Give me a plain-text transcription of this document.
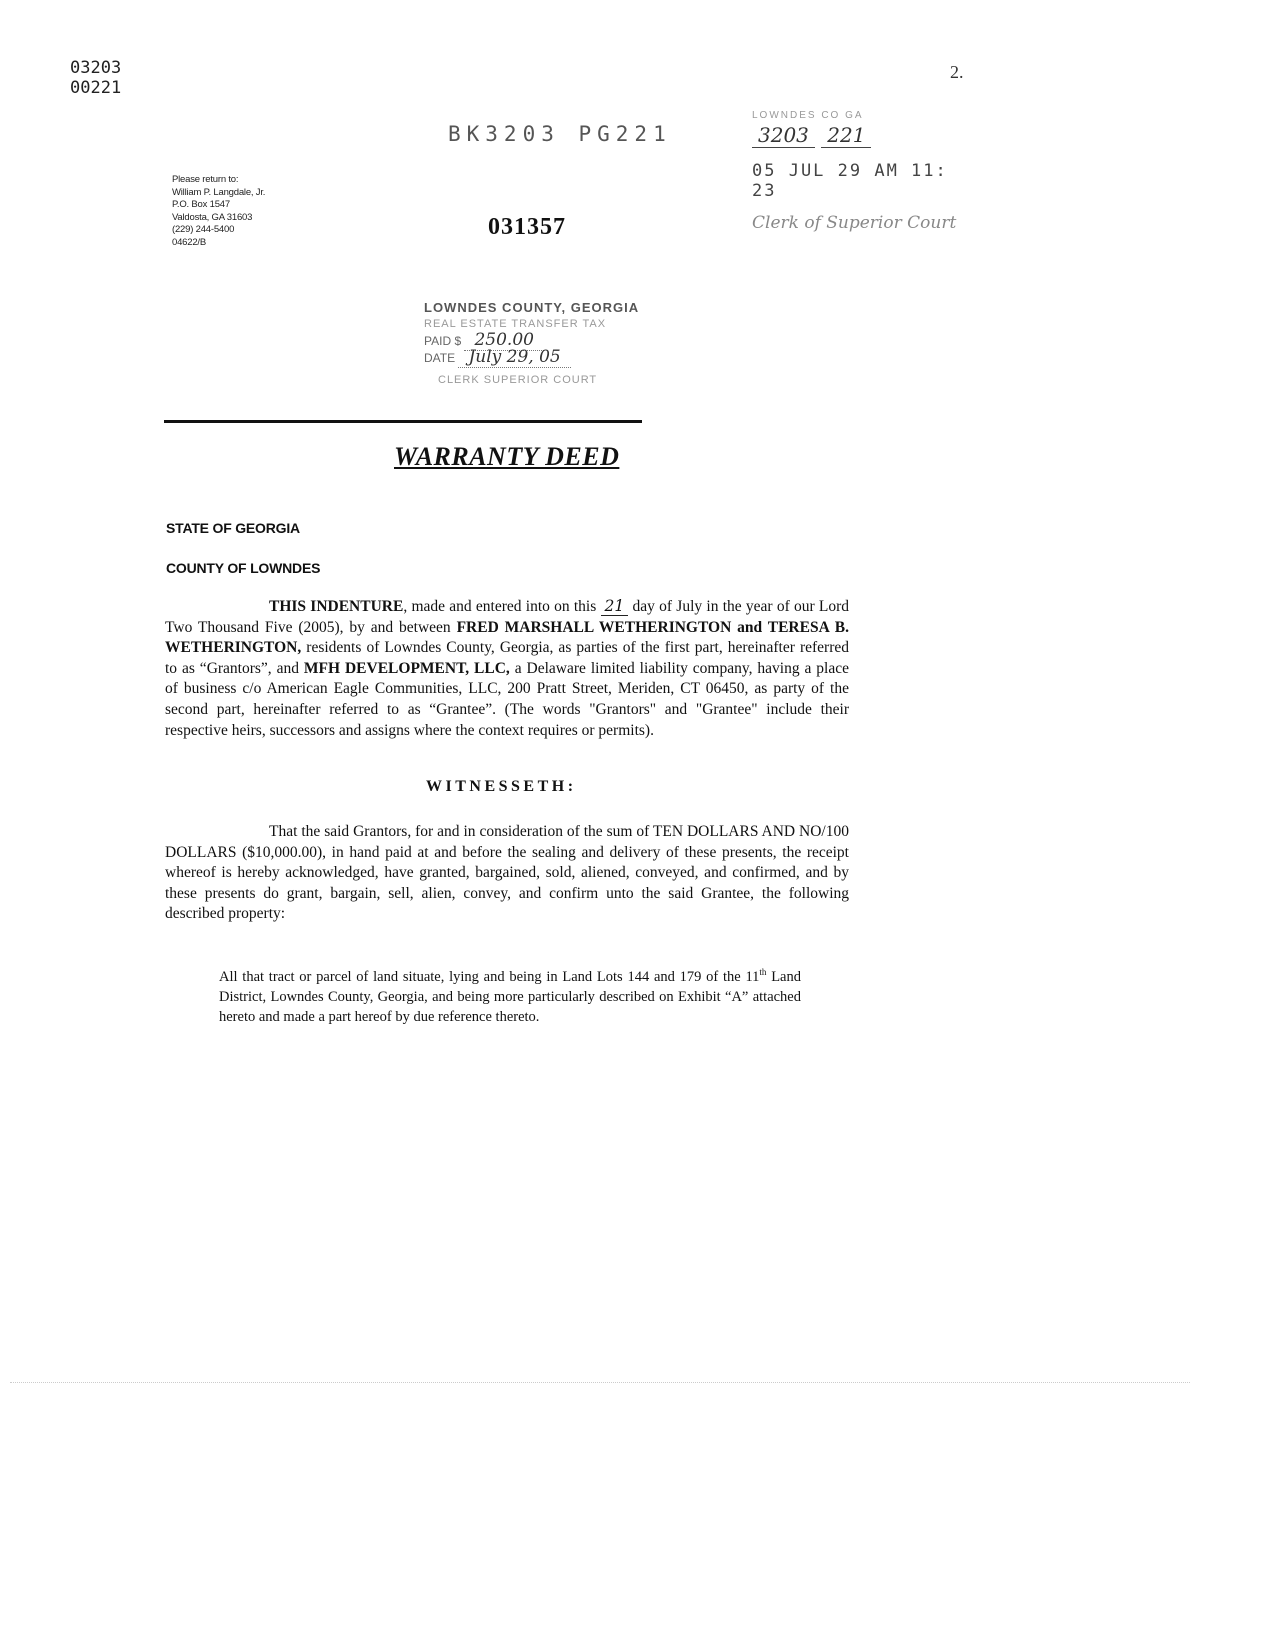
03203
00221
2.
Please return to:
William P. Langdale, Jr.
P.O. Box 1547
Valdosta, GA 31603
(229) 244-5400
04622/B
BK3203 PG221
031357
LOWNDES CO GA
3203 221
05 JUL 29 AM 11: 23
Clerk of Superior Court
LOWNDES COUNTY, GEORGIA
REAL ESTATE TRANSFER TAX
PAID $ 250.00
DATE July 29, 05
CLERK SUPERIOR COURT
WARRANTY DEED
STATE OF GEORGIA
COUNTY OF LOWNDES
THIS INDENTURE, made and entered into on this 21 day of July in the year of our Lord Two Thousand Five (2005), by and between FRED MARSHALL WETHERINGTON and TERESA B. WETHERINGTON, residents of Lowndes County, Georgia, as parties of the first part, hereinafter referred to as “Grantors”, and MFH DEVELOPMENT, LLC, a Delaware limited liability company, having a place of business c/o American Eagle Communities, LLC, 200 Pratt Street, Meriden, CT 06450, as party of the second part, hereinafter referred to as “Grantee”. (The words "Grantors" and "Grantee" include their respective heirs, successors and assigns where the context requires or permits).
WITNESSETH:
That the said Grantors, for and in consideration of the sum of TEN DOLLARS AND NO/100 DOLLARS ($10,000.00), in hand paid at and before the sealing and delivery of these presents, the receipt whereof is hereby acknowledged, have granted, bargained, sold, aliened, conveyed, and confirmed, and by these presents do grant, bargain, sell, alien, convey, and confirm unto the said Grantee, the following described property:
All that tract or parcel of land situate, lying and being in Land Lots 144 and 179 of the 11th Land District, Lowndes County, Georgia, and being more particularly described on Exhibit “A” attached hereto and made a part hereof by due reference thereto.
